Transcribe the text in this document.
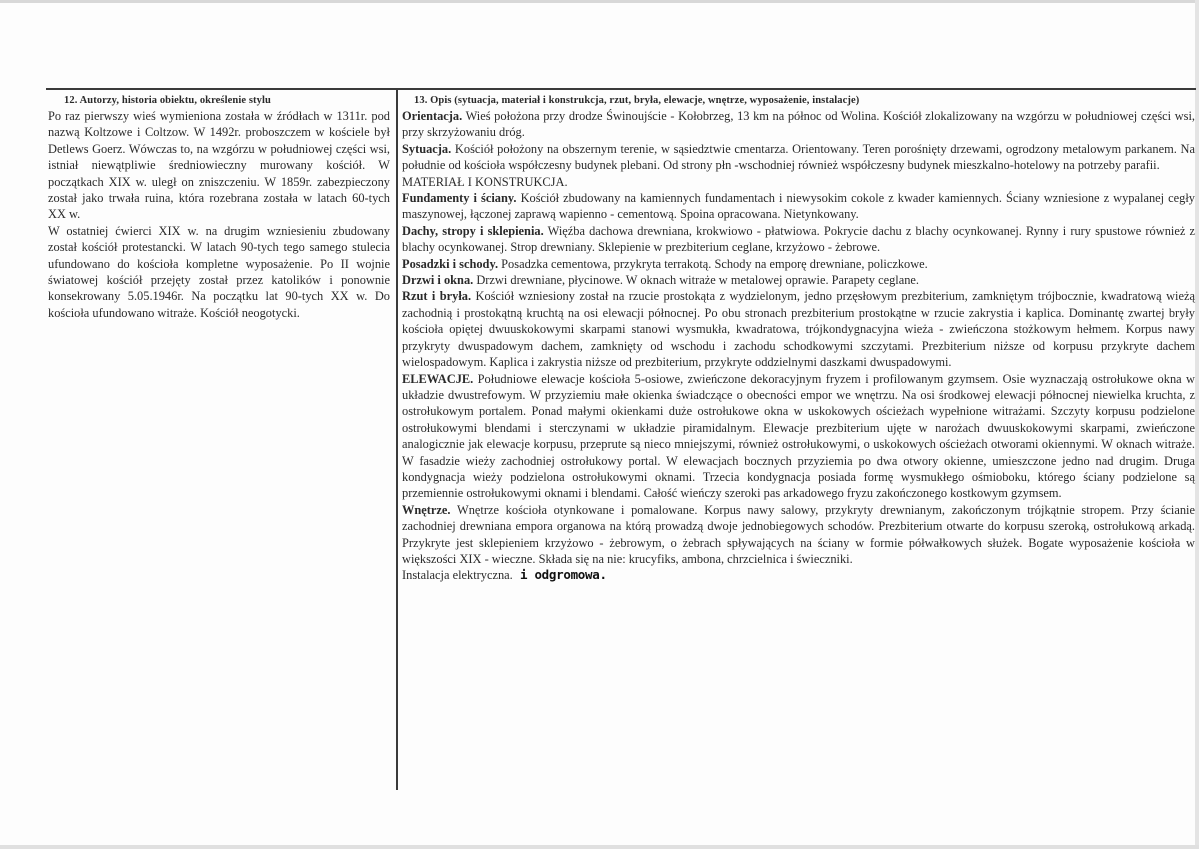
12. Autorzy, historia obiektu, określenie stylu

Po raz pierwszy wieś wymieniona została w źródłach w 1311r. pod nazwą Koltzowe i Coltzow. W 1492r. proboszczem w kościele był Detlews Goerz. Wówczas to, na wzgórzu w południowej części wsi, istniał niewątpliwie średniowieczny murowany kościół. W początkach XIX w. uległ on zniszczeniu. W 1859r. zabezpieczony został jako trwała ruina, która rozebrana została w latach 60-tych XX w.

W ostatniej ćwierci XIX w. na drugim wzniesieniu zbudowany został kościół protestancki. W latach 90-tych tego samego stulecia ufundowano do kościoła kompletne wyposażenie. Po II wojnie światowej kościół przejęty został przez katolików i ponownie konsekrowany 5.05.1946r. Na początku lat 90-tych XX w. Do kościoła ufundowano witraże. Kościół neogotycki.

13. Opis (sytuacja, materiał i konstrukcja, rzut, bryła, elewacje, wnętrze, wyposażenie, instalacje)

Orientacja. Wieś położona przy drodze Świnoujście - Kołobrzeg, 13 km na północ od Wolina. Kościół zlokalizowany na wzgórzu w południowej części wsi, przy skrzyżowaniu dróg.

Sytuacja. Kościół położony na obszernym terenie, w sąsiedztwie cmentarza. Orientowany. Teren porośnięty drzewami, ogrodzony metalowym parkanem. Na południe od kościoła współczesny budynek plebani. Od strony płn -wschodniej również współczesny budynek mieszkalno-hotelowy na potrzeby parafii.

MATERIAŁ I KONSTRUKCJA.

Fundamenty i ściany. Kościół zbudowany na kamiennych fundamentach i niewysokim cokole z kwader kamiennych. Ściany wzniesione z wypalanej cegły maszynowej, łączonej zaprawą wapienno - cementową. Spoina opracowana. Nietynkowany.

Dachy, stropy i sklepienia. Więźba dachowa drewniana, krokwiowo - płatwiowa. Pokrycie dachu z blachy ocynkowanej. Rynny i rury spustowe również z blachy ocynkowanej. Strop drewniany. Sklepienie w prezbiterium ceglane, krzyżowo - żebrowe.

Posadzki i schody. Posadzka cementowa, przykryta terrakotą. Schody na emporę drewniane, policzkowe.

Drzwi i okna. Drzwi drewniane, płycinowe. W oknach witraże w metalowej oprawie. Parapety ceglane.

Rzut i bryła. Kościół wzniesiony został na rzucie prostokąta z wydzielonym, jedno przęsłowym prezbiterium, zamkniętym trójbocznie, kwadratową wieżą zachodnią i prostokątną kruchtą na osi elewacji północnej. Po obu stronach prezbiterium prostokątne w rzucie zakrystia i kaplica. Dominantę zwartej bryły kościoła opiętej dwuuskokowymi skarpami stanowi wysmukła, kwadratowa, trójkondygnacyjna wieża - zwieńczona stożkowym hełmem. Korpus nawy przykryty dwuspadowym dachem, zamknięty od wschodu i zachodu schodkowymi szczytami. Prezbiterium niższe od korpusu przykryte dachem wielospadowym. Kaplica i zakrystia niższe od prezbiterium, przykryte oddzielnymi daszkami dwuspadowymi.

ELEWACJE. Południowe elewacje kościoła 5-osiowe, zwieńczone dekoracyjnym fryzem i profilowanym gzymsem. Osie wyznaczają ostrołukowe okna w układzie dwustrefowym. W przyziemiu małe okienka świadczące o obecności empor we wnętrzu. Na osi środkowej elewacji północnej niewielka kruchta, z ostrołukowym portalem. Ponad małymi okienkami duże ostrołukowe okna w uskokowych ościeżach wypełnione witrażami. Szczyty korpusu podzielone ostrołukowymi blendami i sterczynami w układzie piramidalnym. Elewacje prezbiterium ujęte w narożach dwuuskokowymi skarpami, zwieńczone analogicznie jak elewacje korpusu, przeprute są nieco mniejszymi, również ostrołukowymi, o uskokowych ościeżach otworami okiennymi. W oknach witraże. W fasadzie wieży zachodniej ostrołukowy portal. W elewacjach bocznych przyziemia po dwa otwory okienne, umieszczone jedno nad drugim. Druga kondygnacja wieży podzielona ostrołukowymi oknami. Trzecia kondygnacja posiada formę wysmukłego ośmioboku, którego ściany podzielone są przemiennie ostrołukowymi oknami i blendami. Całość wieńczy szeroki pas arkadowego fryzu zakończonego kostkowym gzymsem.

Wnętrze. Wnętrze kościoła otynkowane i pomalowane. Korpus nawy salowy, przykryty drewnianym, zakończonym trójkątnie stropem. Przy ścianie zachodniej drewniana empora organowa na którą prowadzą dwoje jednobiegowych schodów. Prezbiterium otwarte do korpusu szeroką, ostrołukową arkadą. Przykryte jest sklepieniem krzyżowo - żebrowym, o żebrach spływających na ściany w formie półwałkowych służek. Bogate wyposażenie kościoła w większości XIX - wieczne. Składa się na nie: krucyfiks, ambona, chrzcielnica i świeczniki.

Instalacja elektryczna. i odgromowa.
